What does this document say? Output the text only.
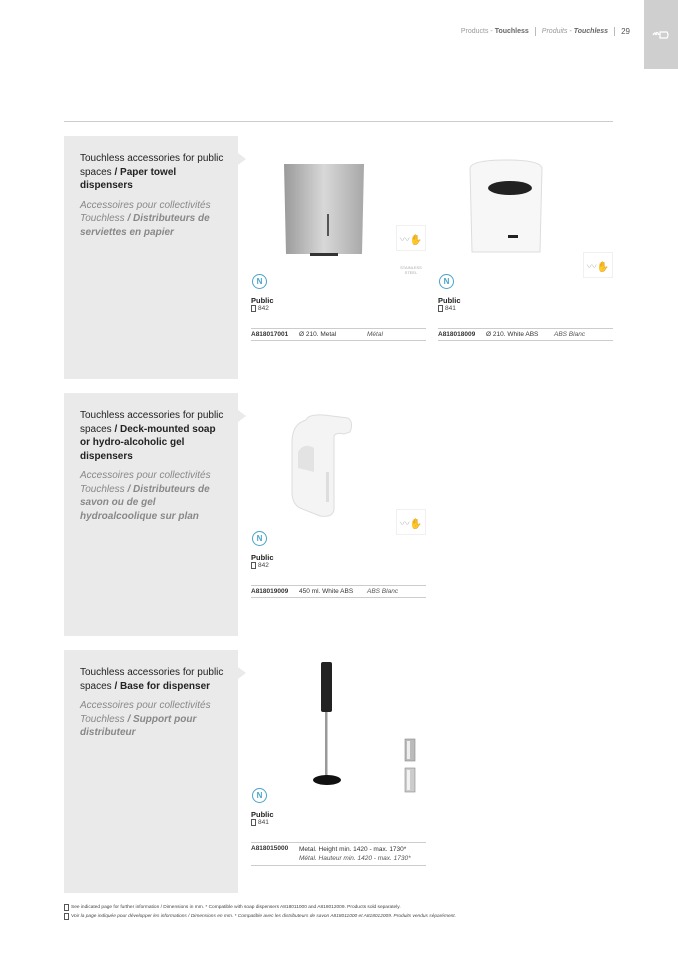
Products - Touchless Produits - Touchless 29
Touchless accessories for public spaces / Paper towel dispensers
Accessoires pour collectivités Touchless / Distributeurs de serviettes en papier
〰✋
STAINLESS STEEL
N
Public
842
A818017001	Ø 210. Metal	Métal
〰✋
N
Public
841
A818018009	Ø 210. White ABS	ABS Blanc
Touchless accessories for public spaces / Deck-mounted soap or hydro-alcoholic gel dispensers
Accessoires pour collectivités Touchless / Distributeurs de savon ou de gel hydroalcoolique sur plan
〰✋
N
Public
842
A818019009	450 ml. White ABS	ABS Blanc
Touchless accessories for public spaces / Base for dispenser
Accessoires pour collectivités Touchless / Support pour distributeur
N
Public
841
A818015000	Metal. Height min. 1420 - max. 1730*
Métal. Hauteur min. 1420 - max. 1730*
See indicated page for further information / Dimensions in mm. * Compatible with soap dispensers A818011000 and A818012009. Products sold separately.
Voir la page indiquée pour développer les informations / Dimensions en mm. * Compatible avec les distributeurs de savon A818011000 et A818012009. Produits vendus séparément.
